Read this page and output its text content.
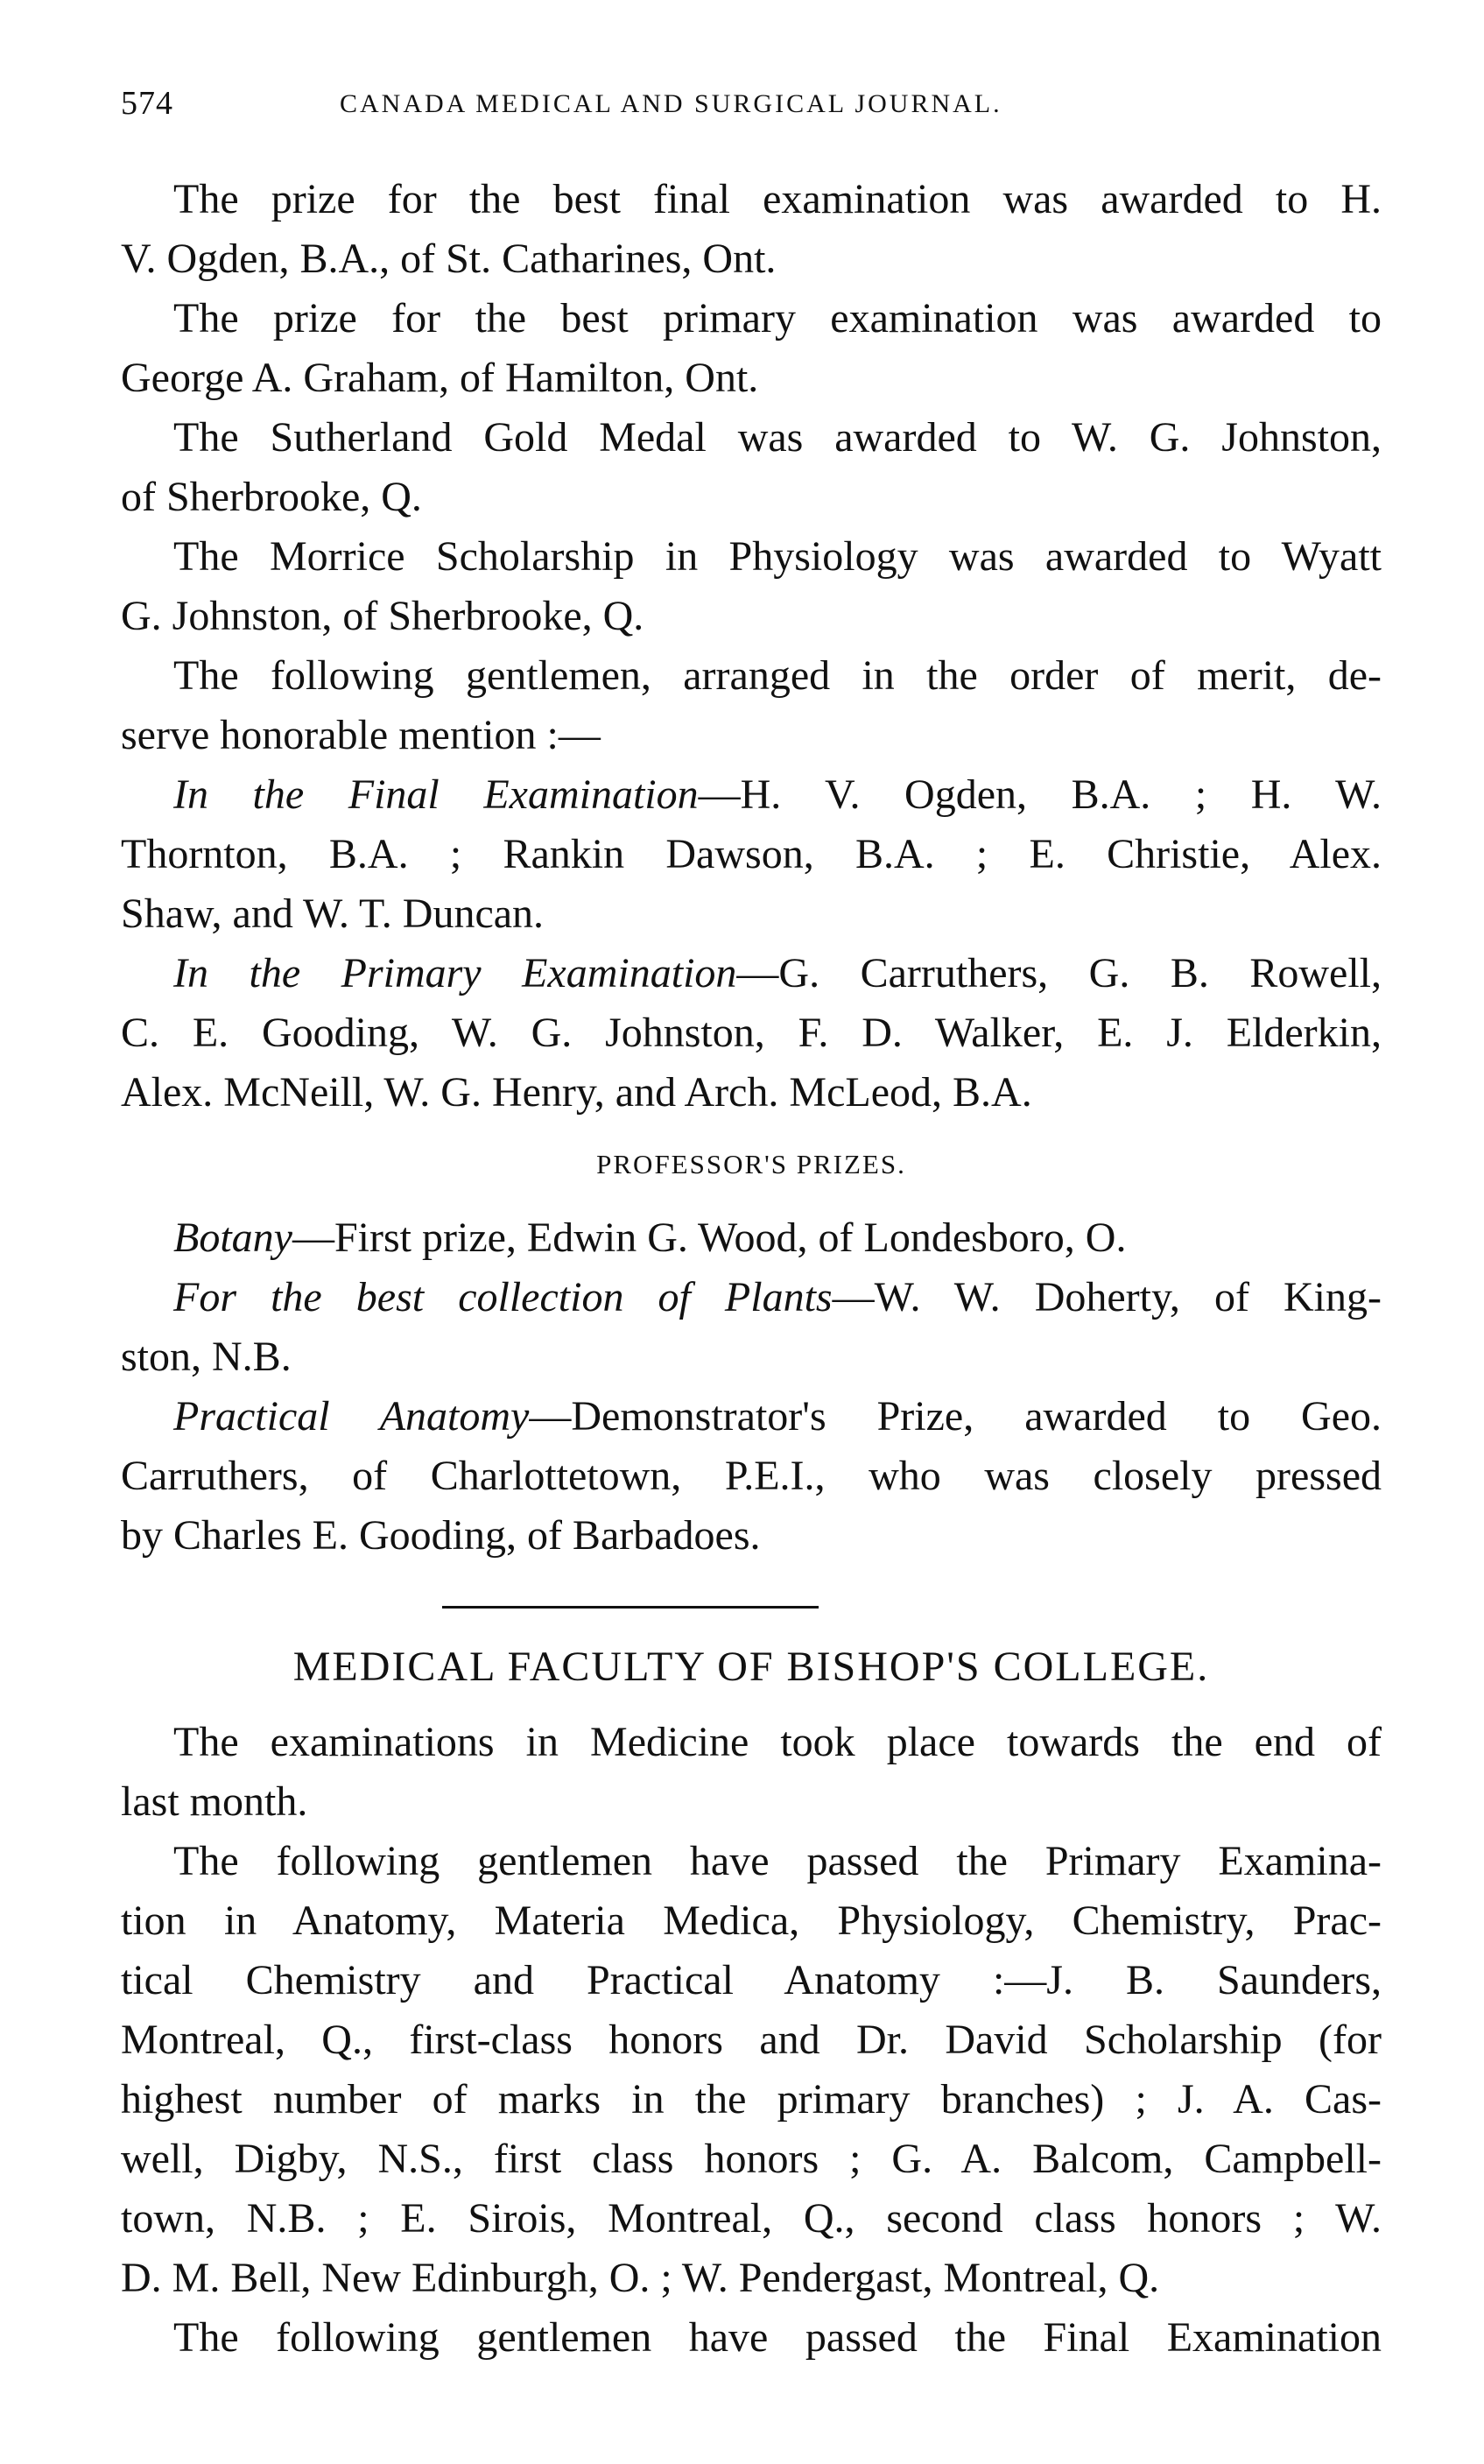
574	CANADA MEDICAL AND SURGICAL JOURNAL.
The prize for the best final examination was awarded to H.
V. Ogden, B.A., of St. Catharines, Ont.
The prize for the best primary examination was awarded to
George A. Graham, of Hamilton, Ont.
The Sutherland Gold Medal was awarded to W. G. Johnston,
of Sherbrooke, Q.
The Morrice Scholarship in Physiology was awarded to Wyatt
G. Johnston, of Sherbrooke, Q.
The following gentlemen, arranged in the order of merit, de-
serve honorable mention :—
In the Final Examination—H. V. Ogden, B.A. ; H. W.
Thornton, B.A. ; Rankin Dawson, B.A. ; E. Christie, Alex.
Shaw, and W. T. Duncan.
In the Primary Examination—G. Carruthers, G. B. Rowell,
C. E. Gooding, W. G. Johnston, F. D. Walker, E. J. Elderkin,
Alex. McNeill, W. G. Henry, and Arch. McLeod, B.A.
PROFESSOR'S PRIZES.
Botany—First prize, Edwin G. Wood, of Londesboro, O.
For the best collection of Plants—W. W. Doherty, of King-
ston, N.B.
Practical Anatomy—Demonstrator's Prize, awarded to Geo.
Carruthers, of Charlottetown, P.E.I., who was closely pressed
by Charles E. Gooding, of Barbadoes.
MEDICAL FACULTY OF BISHOP'S COLLEGE.
The examinations in Medicine took place towards the end of
last month.
The following gentlemen have passed the Primary Examina-
tion in Anatomy, Materia Medica, Physiology, Chemistry, Prac-
tical Chemistry and Practical Anatomy :—J. B. Saunders,
Montreal, Q., first-class honors and Dr. David Scholarship (for
highest number of marks in the primary branches) ; J. A. Cas-
well, Digby, N.S., first class honors ; G. A. Balcom, Campbell-
town, N.B. ; E. Sirois, Montreal, Q., second class honors ; W.
D. M. Bell, New Edinburgh, O. ; W. Pendergast, Montreal, Q.
The following gentlemen have passed the Final Examination
